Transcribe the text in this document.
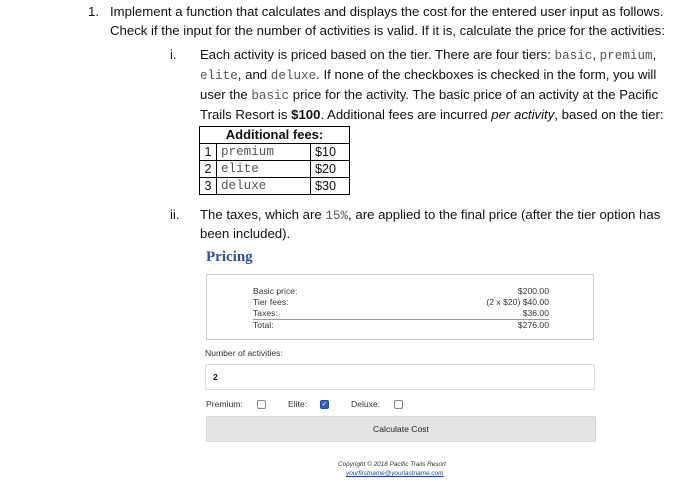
1. Implement a function that calculates and displays the cost for the entered user input as follows.
Check if the input for the number of activities is valid. If it is, calculate the price for the activities:
i. Each activity is priced based on the tier. There are four tiers: basic, premium,
elite, and deluxe. If none of the checkboxes is checked in the form, you will
user the basic price for the activity. The basic price of an activity at the Pacific
Trails Resort is $100. Additional fees are incurred per activity, based on the tier:
Additional fees:		
1	premium	$10
2	elite	$20
3	deluxe	$30
ii. The taxes, which are 15%, are applied to the final price (after the tier option has
been included).
Pricing
Basic price:	$200.00
Tier fees:	(2 x $20) $40.00
Taxes:	$36.00
Total:	$276.00
Number of activities:
2
Premium:	Elite: ✓	Deluxe:
Calculate Cost
Copyright © 2018 Pacific Trails Resort
yourfirstname@yourlastname.com
